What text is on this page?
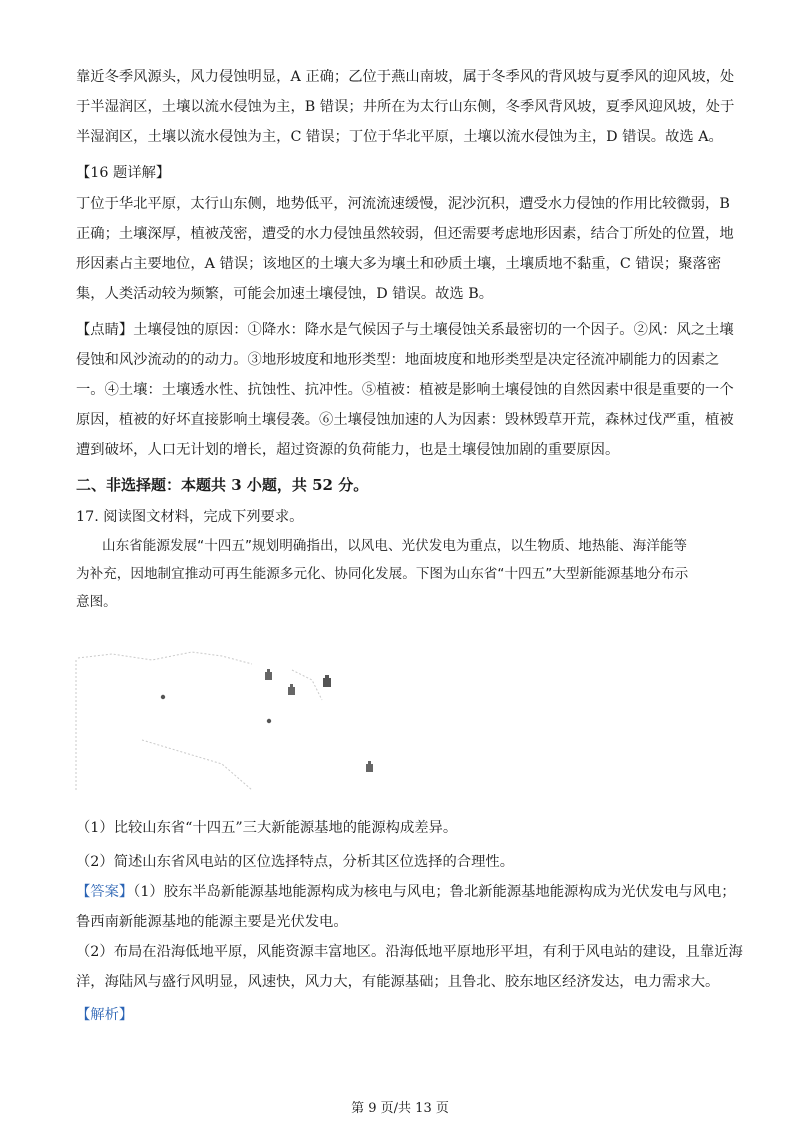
靠近冬季风源头，风力侵蚀明显，A 正确；乙位于燕山南坡，属于冬季风的背风坡与夏季风的迎风坡，处
于半湿润区，土壤以流水侵蚀为主，B 错误；井所在为太行山东侧，冬季风背风坡，夏季风迎风坡，处于
半湿润区，土壤以流水侵蚀为主，C 错误；丁位于华北平原，土壤以流水侵蚀为主，D 错误。故选 A。
【16 题详解】
丁位于华北平原，太行山东侧，地势低平，河流流速缓慢，泥沙沉积，遭受水力侵蚀的作用比较微弱，B
正确；土壤深厚，植被茂密，遭受的水力侵蚀虽然较弱，但还需要考虑地形因素，结合丁所处的位置，地
形因素占主要地位，A 错误；该地区的土壤大多为壤土和砂质土壤，土壤质地不黏重，C 错误；聚落密
集，人类活动较为频繁，可能会加速土壤侵蚀，D 错误。故选 B。
【点睛】土壤侵蚀的原因：①降水：降水是气候因子与土壤侵蚀关系最密切的一个因子。②风：风之土壤
侵蚀和风沙流动的的动力。③地形坡度和地形类型：地面坡度和地形类型是决定径流冲刷能力的因素之
一。④土壤：土壤透水性、抗蚀性、抗冲性。⑤植被：植被是影响土壤侵蚀的自然因素中很是重要的一个
原因，植被的好坏直接影响土壤侵袭。⑥土壤侵蚀加速的人为因素：毁林毁草开荒，森林过伐严重，植被
遭到破坏，人口无计划的增长，超过资源的负荷能力，也是土壤侵蚀加剧的重要原因。
二、非选择题：本题共 3 小题，共 52 分。
17. 阅读图文材料，完成下列要求。
山东省能源发展“十四五”规划明确指出，以风电、光伏发电为重点，以生物质、地热能、海洋能等
为补充，因地制宜推动可再生能源多元化、协同化发展。下图为山东省“十四五”大型新能源基地分布示
意图。
（1）比较山东省“十四五”三大新能源基地的能源构成差异。
（2）简述山东省风电站的区位选择特点，分析其区位选择的合理性。
【答案】（1）胶东半岛新能源基地能源构成为核电与风电；鲁北新能源基地能源构成为光伏发电与风电；
鲁西南新能源基地的能源主要是光伏发电。
（2）布局在沿海低地平原，风能资源丰富地区。沿海低地平原地形平坦，有利于风电站的建设，且靠近海
洋，海陆风与盛行风明显，风速快，风力大，有能源基础；且鲁北、胶东地区经济发达，电力需求大。
【解析】
第 9 页/共 13 页
